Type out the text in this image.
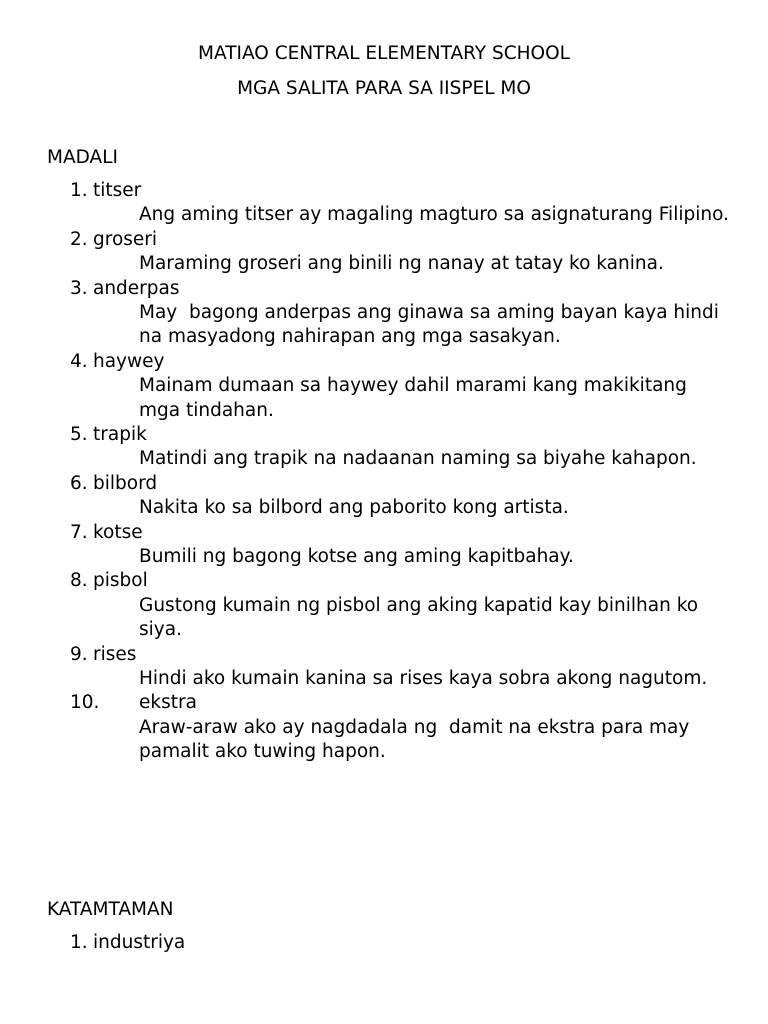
MATIAO CENTRAL ELEMENTARY SCHOOL
MGA SALITA PARA SA IISPEL MO
MADALI
1. titser
Ang aming titser ay magaling magturo sa asignaturang Filipino.
2. groseri
Maraming groseri ang binili ng nanay at tatay ko kanina.
3. anderpas
May  bagong anderpas ang ginawa sa aming bayan kaya hindi na masyadong nahirapan ang mga sasakyan.
4. haywey
Mainam dumaan sa haywey dahil marami kang makikitang mga tindahan.
5. trapik
Matindi ang trapik na nadaanan naming sa biyahe kahapon.
6. bilbord
Nakita ko sa bilbord ang paborito kong artista.
7. kotse
Bumili ng bagong kotse ang aming kapitbahay.
8. pisbol
Gustong kumain ng pisbol ang aking kapatid kay binilhan ko siya.
9. rises
Hindi ako kumain kanina sa rises kaya sobra akong nagutom.
10. ekstra
Araw-araw ako ay nagdadala ng  damit na ekstra para may pamalit ako tuwing hapon.
KATAMTAMAN
1. industriya
